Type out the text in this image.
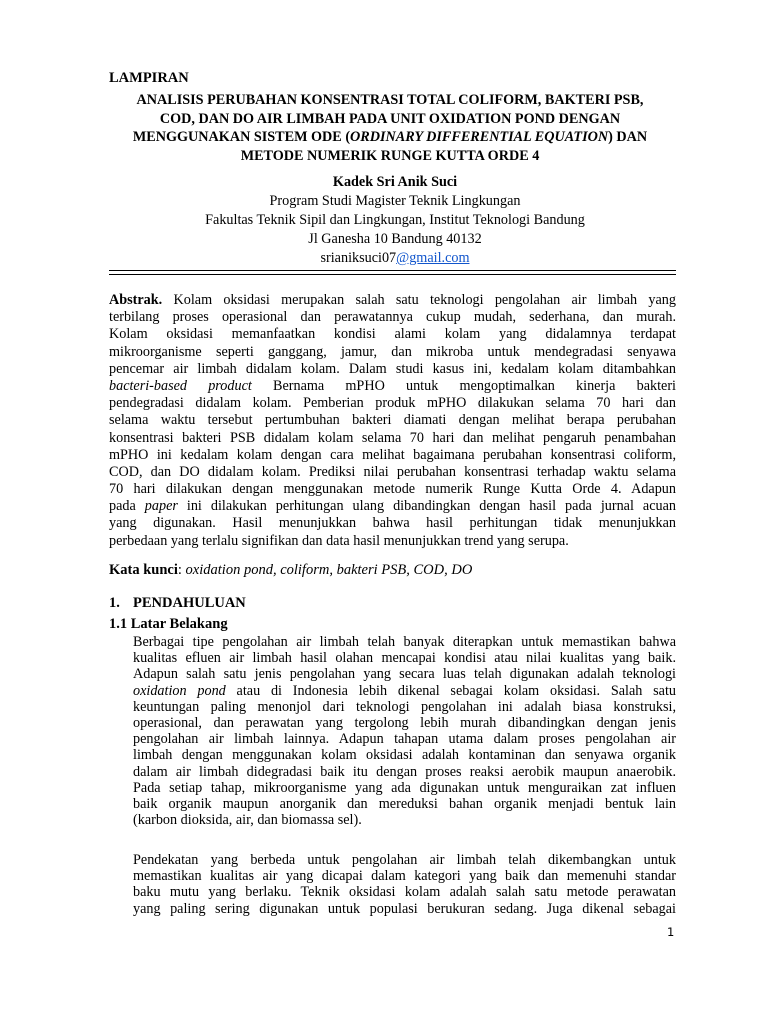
LAMPIRAN

ANALISIS PERUBAHAN KONSENTRASI TOTAL COLIFORM, BAKTERI PSB,

COD, DAN DO AIR LIMBAH PADA UNIT OXIDATION POND DENGAN

MENGGUNAKAN SISTEM ODE (ORDINARY DIFFERENTIAL EQUATION) DAN

METODE NUMERIK RUNGE KUTTA ORDE 4

Kadek Sri Anik Suci

Program Studi Magister Teknik Lingkungan

Fakultas Teknik Sipil dan Lingkungan, Institut Teknologi Bandung

Jl Ganesha 10 Bandung 40132

srianiksuci07@gmail.com

Abstrak. Kolam oksidasi merupakan salah satu teknologi pengolahan air limbah yang
terbilang proses operasional dan perawatannya cukup mudah, sederhana, dan murah.
Kolam oksidasi memanfaatkan kondisi alami kolam yang didalamnya terdapat
mikroorganisme seperti ganggang, jamur, dan mikroba untuk mendegradasi senyawa
pencemar air limbah didalam kolam. Dalam studi kasus ini, kedalam kolam ditambahkan
bacteri-based product Bernama mPHO untuk mengoptimalkan kinerja bakteri
pendegradasi didalam kolam. Pemberian produk mPHO dilakukan selama 70 hari dan
selama waktu tersebut pertumbuhan bakteri diamati dengan melihat berapa perubahan
konsentrasi bakteri PSB didalam kolam selama 70 hari dan melihat pengaruh penambahan
mPHO ini kedalam kolam dengan cara melihat bagaimana perubahan konsentrasi coliform,
COD, dan DO didalam kolam. Prediksi nilai perubahan konsentrasi terhadap waktu selama
70 hari dilakukan dengan menggunakan metode numerik Runge Kutta Orde 4. Adapun
pada paper ini dilakukan perhitungan ulang dibandingkan dengan hasil pada jurnal acuan
yang digunakan. Hasil menunjukkan bahwa hasil perhitungan tidak menunjukkan
perbedaan yang terlalu signifikan dan data hasil menunjukkan trend yang serupa.
Kata kunci: oxidation pond, coliform, bakteri PSB, COD, DO
1. PENDAHULUAN
1.1 Latar Belakang
Berbagai tipe pengolahan air limbah telah banyak diterapkan untuk memastikan bahwa
kualitas efluen air limbah hasil olahan mencapai kondisi atau nilai kualitas yang baik.
Adapun salah satu jenis pengolahan yang secara luas telah digunakan adalah teknologi
oxidation pond atau di Indonesia lebih dikenal sebagai kolam oksidasi. Salah satu
keuntungan paling menonjol dari teknologi pengolahan ini adalah biasa konstruksi,
operasional, dan perawatan yang tergolong lebih murah dibandingkan dengan jenis
pengolahan air limbah lainnya. Adapun tahapan utama dalam proses pengolahan air
limbah dengan menggunakan kolam oksidasi adalah kontaminan dan senyawa organik
dalam air limbah didegradasi baik itu dengan proses reaksi aerobik maupun anaerobik.
Pada setiap tahap, mikroorganisme yang ada digunakan untuk menguraikan zat influen
baik organik maupun anorganik dan mereduksi bahan organik menjadi bentuk lain
(karbon dioksida, air, dan biomassa sel).
Pendekatan yang berbeda untuk pengolahan air limbah telah dikembangkan untuk
memastikan kualitas air yang dicapai dalam kategori yang baik dan memenuhi standar
baku mutu yang berlaku. Teknik oksidasi kolam adalah salah satu metode perawatan
yang paling sering digunakan untuk populasi berukuran sedang. Juga dikenal sebagai
1
